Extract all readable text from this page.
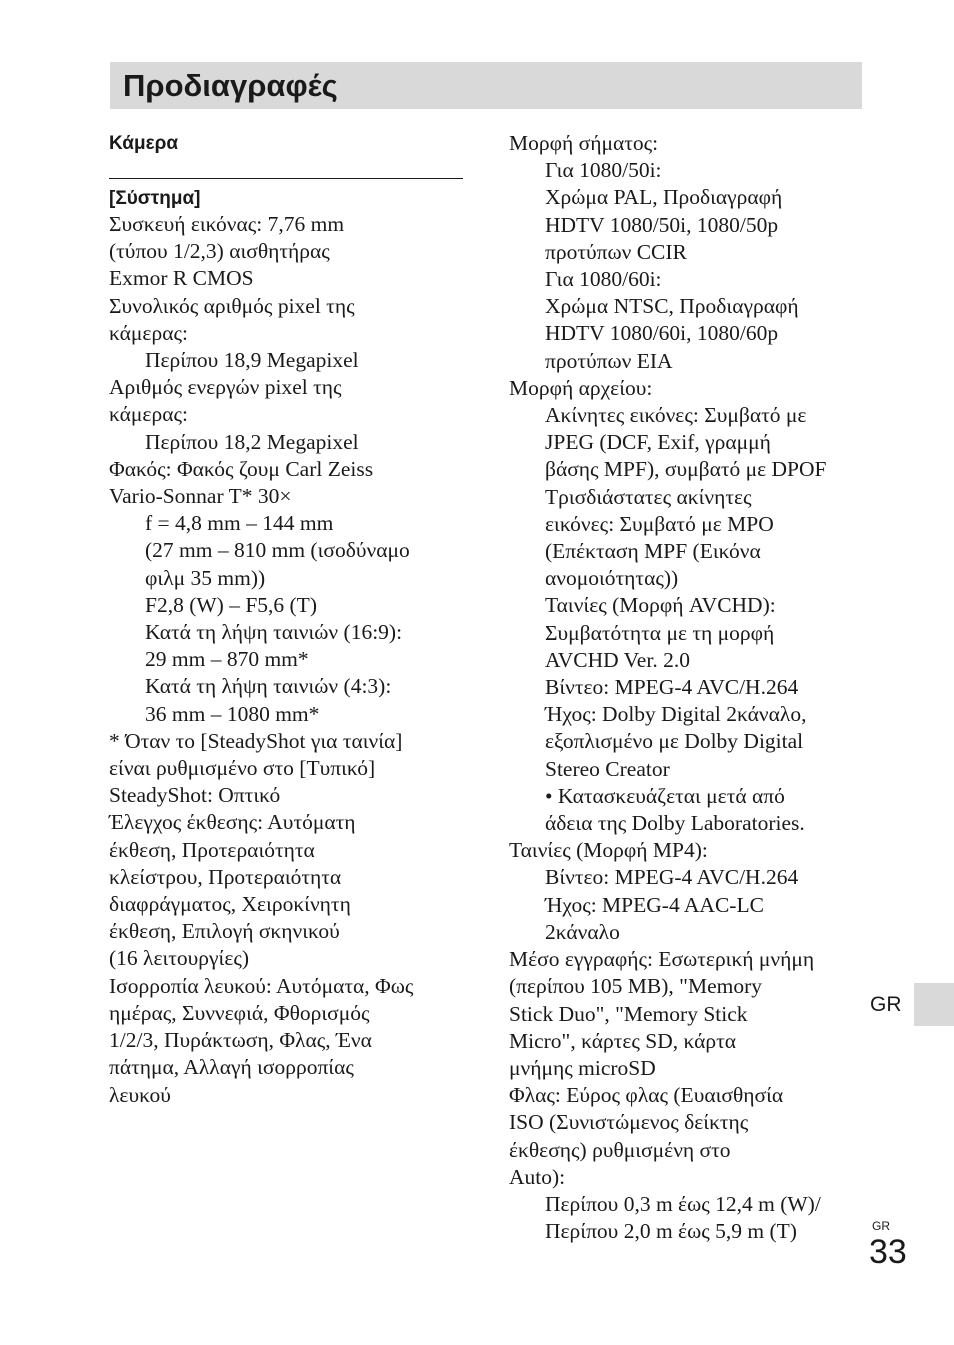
Προδιαγραφές
Κάμερα
[Σύστημα]

Συσκευή εικόνας: 7,76 mm
(τύπου 1/2,3) αισθητήρας
Exmor R CMOS

Συνολικός αριθμός pixel της
κάμερας:

Περίπου 18,9 Megapixel

Αριθμός ενεργών pixel της
κάμερας:

Περίπου 18,2 Megapixel

Φακός: Φακός ζουμ Carl Zeiss
Vario-Sonnar T* 30×

f = 4,8 mm – 144 mm
(27 mm – 810 mm (ισοδύναμο
φιλμ 35 mm))
F2,8 (W) – F5,6 (T)
Κατά τη λήψη ταινιών (16:9):
29 mm – 870 mm*
Κατά τη λήψη ταινιών (4:3):
36 mm – 1080 mm*

* Όταν το [SteadyShot για ταινία]
είναι ρυθμισμένο στο [Τυπικό]

SteadyShot: Οπτικό

Έλεγχος έκθεσης: Αυτόματη
έκθεση, Προτεραιότητα
κλείστρου, Προτεραιότητα
διαφράγματος, Χειροκίνητη
έκθεση, Επιλογή σκηνικού
(16 λειτουργίες)

Ισορροπία λευκού: Αυτόματα, Φως
ημέρας, Συννεφιά, Φθορισμός
1/2/3, Πυράκτωση, Φλας, Ένα
πάτημα, Αλλαγή ισορροπίας
λευκού

Μορφή σήματος:

Για 1080/50i:
Χρώμα PAL, Προδιαγραφή
HDTV 1080/50i, 1080/50p
προτύπων CCIR
Για 1080/60i:
Χρώμα NTSC, Προδιαγραφή
HDTV 1080/60i, 1080/60p
προτύπων EIA

Μορφή αρχείου:

Ακίνητες εικόνες: Συμβατό με
JPEG (DCF, Exif, γραμμή
βάσης MPF), συμβατό με DPOF
Τρισδιάστατες ακίνητες
εικόνες: Συμβατό με MPO
(Επέκταση MPF (Εικόνα
ανομοιότητας))
Ταινίες (Μορφή AVCHD):
Συμβατότητα με τη μορφή
AVCHD Ver. 2.0
Βίντεο: MPEG-4 AVC/H.264
Ήχος: Dolby Digital 2κάναλο,
εξοπλισμένο με Dolby Digital
Stereo Creator

• Κατασκευάζεται μετά από
άδεια της Dolby Laboratories.

Ταινίες (Μορφή MP4):

Βίντεο: MPEG-4 AVC/H.264
Ήχος: MPEG-4 AAC-LC
2κάναλο

Μέσο εγγραφής: Εσωτερική μνήμη
(περίπου 105 MB), "Memory
Stick Duo", "Memory Stick
Micro", κάρτες SD, κάρτα
μνήμης microSD

Φλας: Εύρος φλας (Ευαισθησία
ISO (Συνιστώμενος δείκτης
έκθεσης) ρυθμισμένη στο
Auto):

Περίπου 0,3 m έως 12,4 m (W)/
Περίπου 2,0 m έως 5,9 m (T)

GR
GR
33
